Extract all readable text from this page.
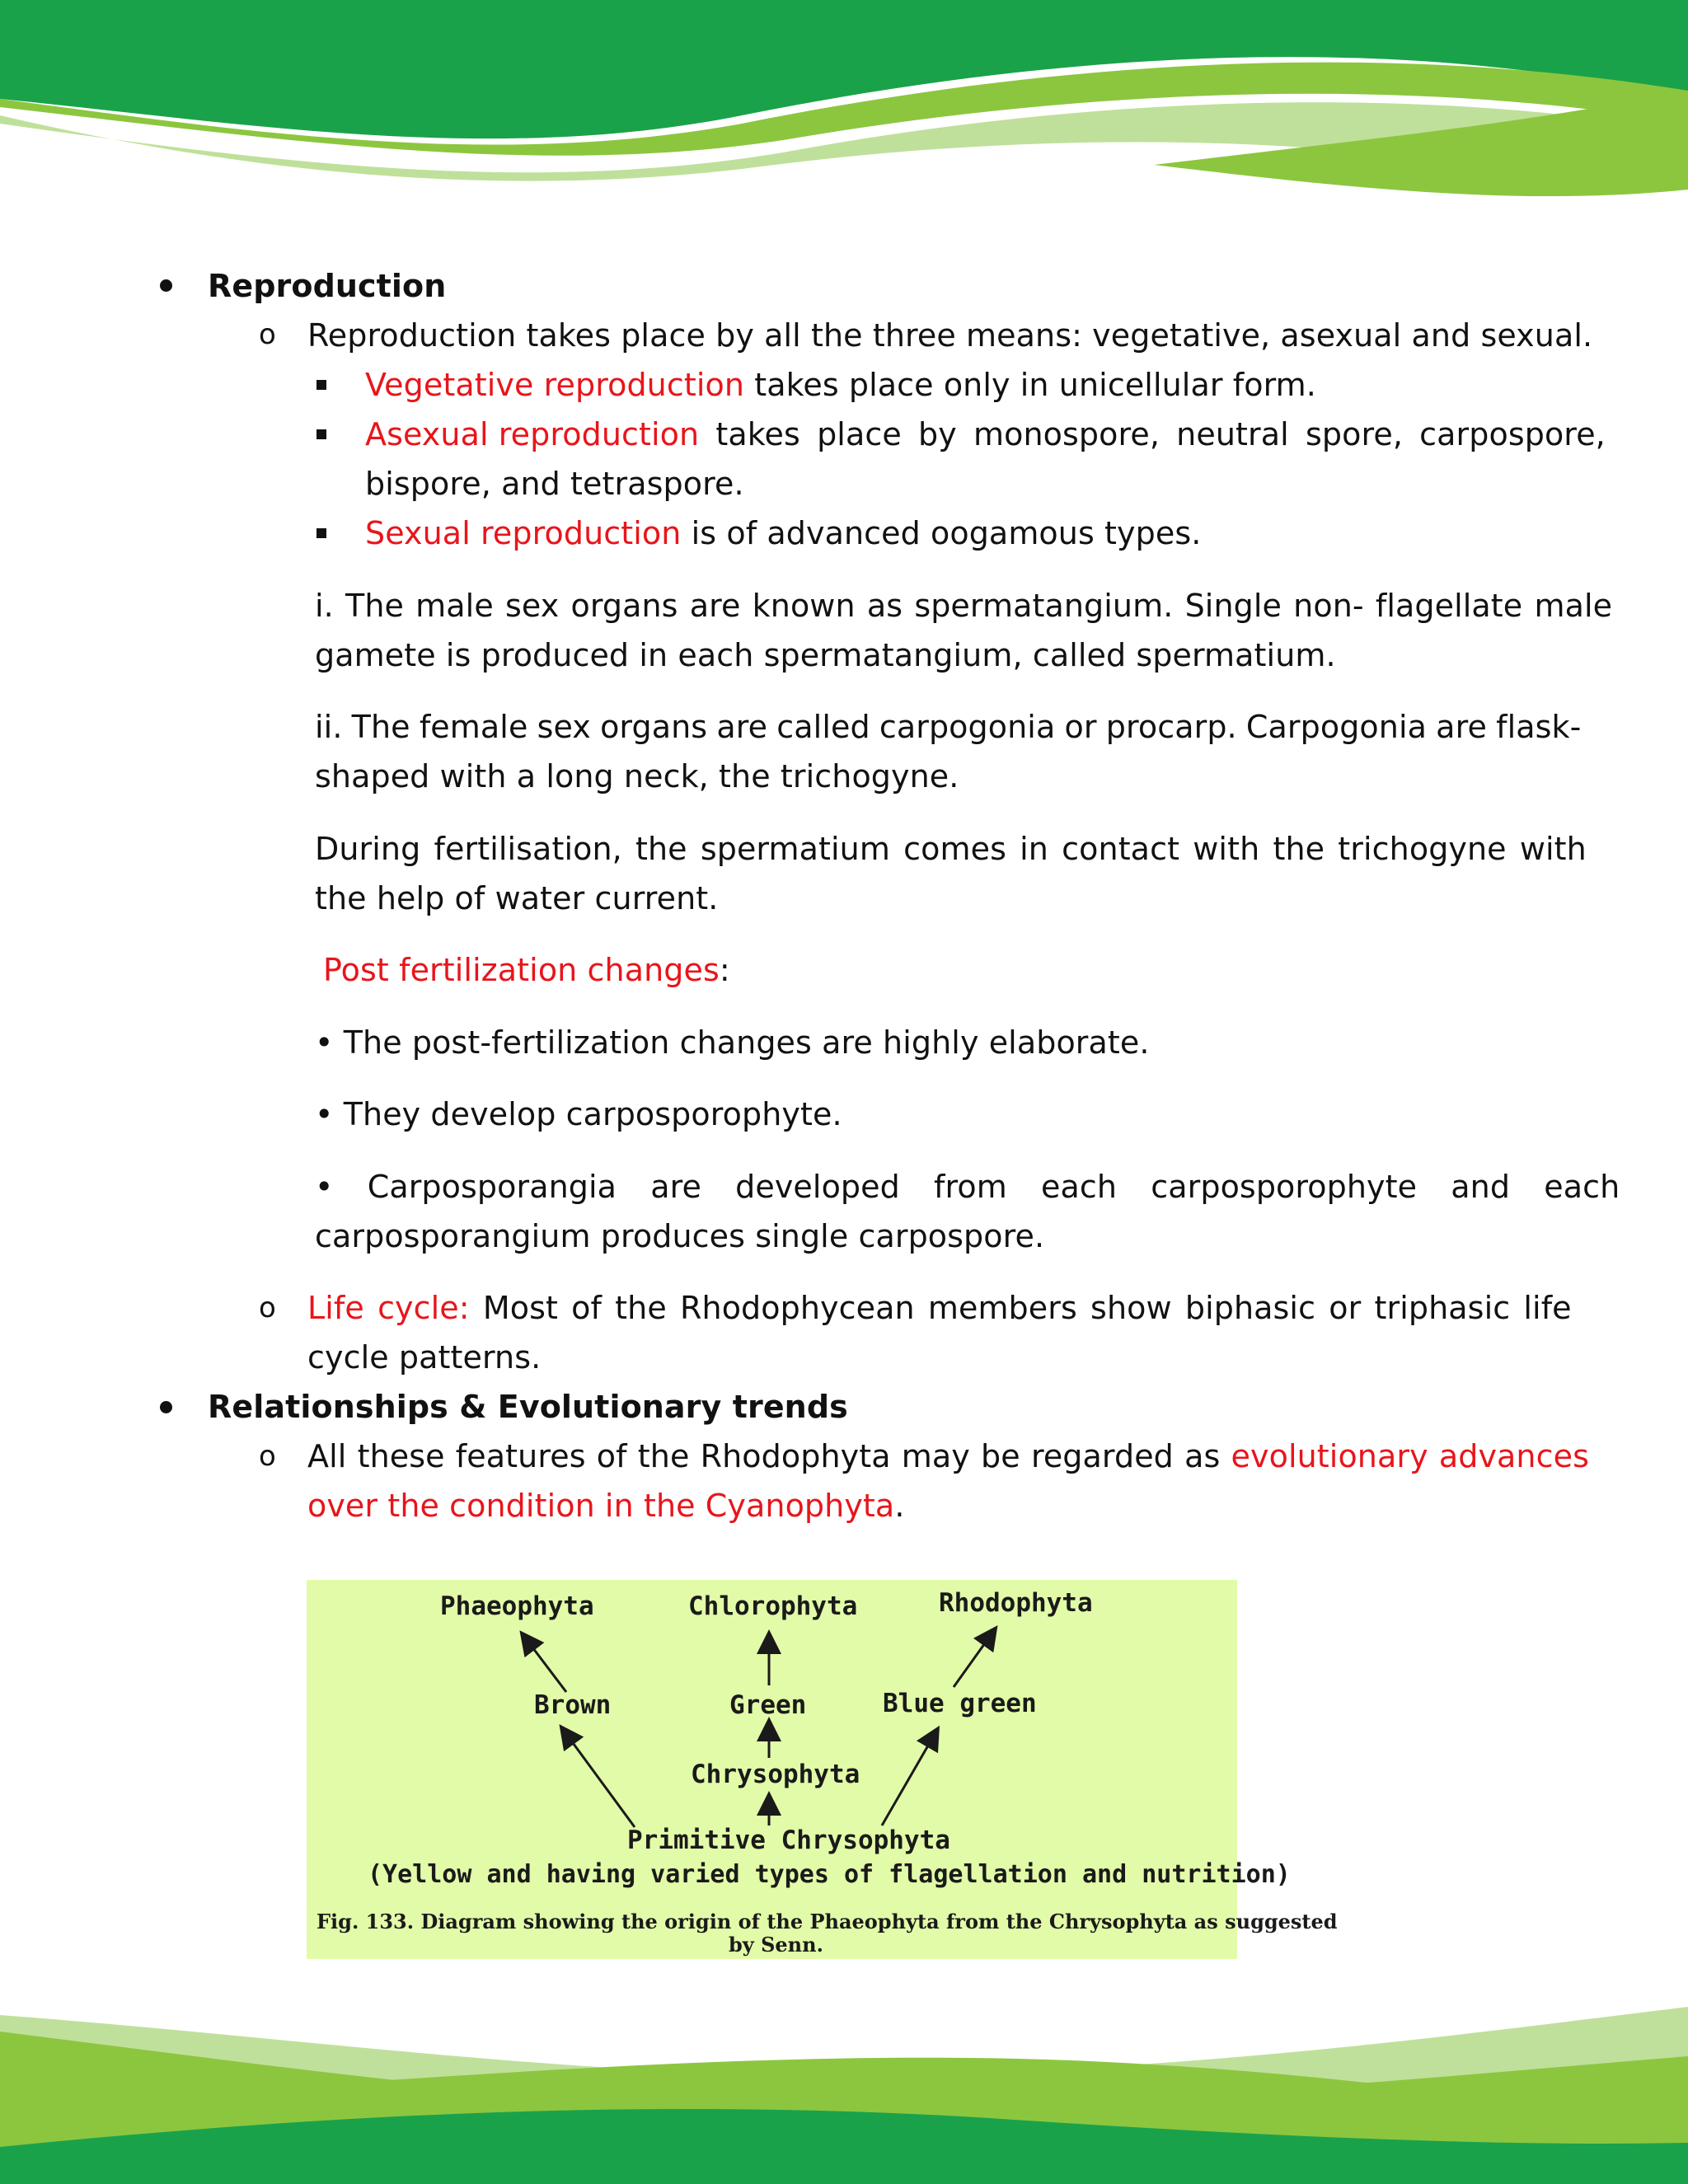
Reproduction
o Reproduction takes place by all the three means: vegetative, asexual and sexual.
Vegetative reproduction takes place only in unicellular form.
Asexual reproduction takes place by monospore, neutral spore, carpospore,
bispore, and tetraspore.
Sexual reproduction is of advanced oogamous types.
i. The male sex organs are known as spermatangium. Single non- flagellate male
gamete is produced in each spermatangium, called spermatium.
ii. The female sex organs are called carpogonia or procarp. Carpogonia are flask-
shaped with a long neck, the trichogyne.
During fertilisation, the spermatium comes in contact with the trichogyne with
the help of water current.
Post fertilization changes:
• The post-fertilization changes are highly elaborate.
• They develop carposporophyte.
• Carposporangia are developed from each carposporophyte and each
carposporangium produces single carpospore.
o Life cycle: Most of the Rhodophycean members show biphasic or triphasic life
cycle patterns.
Relationships & Evolutionary trends
o All these features of the Rhodophyta may be regarded as evolutionary advances
over the condition in the Cyanophyta.
Phaeophyta	Chlorophyta	Rhodophyta
Brown	Green	Blue green
Chrysophyta
Primitive Chrysophyta
(Yellow and having varied types of flagellation and nutrition)
Fig. 133. Diagram showing the origin of the Phaeophyta from the Chrysophyta as suggested
by Senn.
